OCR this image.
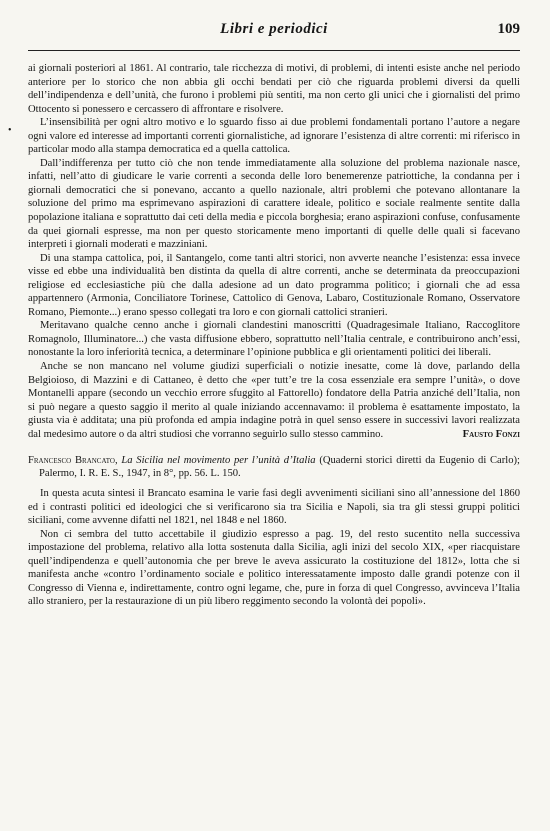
Libri e periodici	109

ai giornali posteriori al 1861. Al contrario, tale ricchezza di motivi, di problemi, di intenti esiste anche nel periodo anteriore per lo storico che non abbia gli occhi bendati per ciò che riguarda problemi diversi da quelli dell’indipendenza e dell’unità, che furono i problemi più sentiti, ma non certo gli unici che i giornalisti del primo Ottocento si ponessero e cercassero di affrontare e risolvere.

L’insensibilità per ogni altro motivo e lo sguardo fisso ai due problemi fondamentali portano l’autore a negare ogni valore ed interesse ad importanti correnti giornalistiche, ad ignorare l’esistenza di altre correnti: mi riferisco in particolar modo alla stampa democratica ed a quella cattolica.

Dall’indifferenza per tutto ciò che non tende immediatamente alla soluzione del problema nazionale nasce, infatti, nell’atto di giudicare le varie correnti a seconda delle loro benemerenze patriottiche, la condanna per i giornali democratici che si ponevano, accanto a quello nazionale, altri problemi che potevano allontanare la soluzione del primo ma esprimevano aspirazioni di carattere ideale, politico e sociale realmente sentite dalla popolazione italiana e soprattutto dai ceti della media e piccola borghesia; erano aspirazioni confuse, confusamente da quei giornali espresse, ma non per questo storicamente meno importanti di quelle delle quali si facevano interpreti i giornali moderati e mazziniani.

Di una stampa cattolica, poi, il Santangelo, come tanti altri storici, non avverte neanche l’esistenza: essa invece visse ed ebbe una individualità ben distinta da quella di altre correnti, anche se determinata da preoccupazioni religiose ed ecclesiastiche più che dalla adesione ad un dato programma politico; i giornali che ad essa appartennero (Armonia, Conciliatore Torinese, Cattolico di Genova, Labaro, Costituzionale Romano, Osservatore Romano, Piemonte...) erano spesso collegati tra loro e con giornali cattolici stranieri.

Meritavano qualche cenno anche i giornali clandestini manoscritti (Quadragesimale Italiano, Raccoglitore Romagnolo, Illuminatore...) che vasta diffusione ebbero, soprattutto nell’Italia centrale, e contribuirono anch’essi, nonostante la loro inferiorità tecnica, a determinare l’opinione pubblica e gli orientamenti politici dei liberali.

Anche se non mancano nel volume giudizi superficiali o notizie inesatte, come là dove, parlando della Belgioioso, di Mazzini e di Cattaneo, è detto che «per tutt’e tre la cosa essenziale era sempre l’unità», o dove Montanelli appare (secondo un vecchio errore sfuggito al Fattorello) fondatore della Patria anziché dell’Italia, non si può negare a questo saggio il merito al quale iniziando accennavamo: il problema è esattamente impostato, la giusta via è additata; una più profonda ed ampia indagine potrà in quel senso essere in successivi lavori realizzata dal medesimo autore o da altri studiosi che vorranno seguirlo sullo stesso cammino.	Fausto Fonzi

Francesco Brancato, La Sicilia nel movimento per l’unità d’Italia (Quaderni storici diretti da Eugenio di Carlo); Palermo, I. R. E. S., 1947, in 8°, pp. 56. L. 150.

In questa acuta sintesi il Brancato esamina le varie fasi degli avvenimenti siciliani sino all’annessione del 1860 ed i contrasti politici ed ideologici che si verificarono sia tra Sicilia e Napoli, sia tra gli stessi gruppi politici siciliani, come avvenne difatti nel 1821, nel 1848 e nel 1860.

Non ci sembra del tutto accettabile il giudizio espresso a pag. 19, del resto sucentito nella successiva impostazione del problema, relativo alla lotta sostenuta dalla Sicilia, agli inizi del secolo XIX, «per riacquistare quell’indipendenza e quell’autonomia che per breve le aveva assicurato la costituzione del 1812», lotta che si manifesta anche «contro l’ordinamento sociale e politico interessatamente imposto dalle grandi potenze con il Congresso di Vienna e, indirettamente, contro ogni legame, che, pure in forza di quel Congresso, avvinceva l’Italia allo straniero, per la restaurazione di un più libero reggimento secondo la volontà dei popoli».

•
